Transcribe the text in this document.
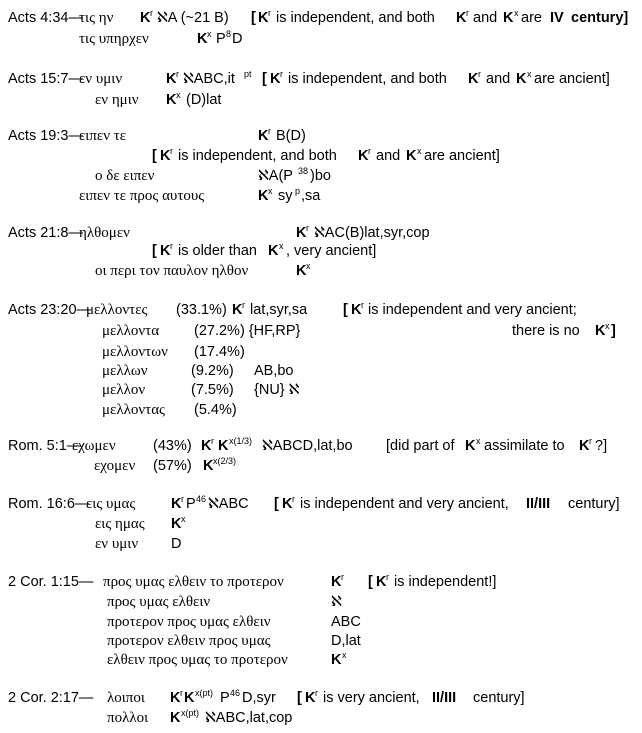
Acts 4:34—
τις ην K r ℵA (~21 B) [ K r is independent, and both K r and K x are IV century]
τις υπηρχεν	K x P 8 D
Acts 15:7—
εν υμιν	K r ℵABC,it pt [ K r is independent, and both K r and K x are ancient]
εν ημιν K x (D)lat
Acts 19:3—
ειπεν τε	K r B(D)
[ K r is independent, and both K r and K x are ancient]
ο δε ειπεν	ℵA(P 38 )bo
ειπεν τε προς αυτους	K x sy p ,sa
Acts 21:8—
ηλθομεν	K r ℵAC(B)lat,syr,cop
[ K r is older than K x , very ancient]
οι περι τον παυλον ηλθον	K x
Acts 23:20—
μελλοντες (33.1%) K r lat,syr,sa [ K r is independent and very ancient;
μελλοντα (27.2%) {HF,RP}	there is no K x ]
μελλοντων (17.4%)
μελλων	(9.2%) AB,bo
μελλον	(7.5%) {NU} ℵ
μελλοντας (5.4%)
Rom. 5:1—
εχωμεν	(43%) K r K x(1/3) ℵABCD,lat,bo [did part of K x assimilate to K r ?]
εχομεν (57%) K x(2/3)
Rom. 16:6—
εις υμας K r P 46 ℵABC [ K r is independent and very ancient, II/III century]
εις ημας K x
εν υμιν D
2 Cor. 1:15— προς υμας ελθειν το προτερον	K r [ K r is independent!]
προς υμας ελθειν	ℵ
προτερον προς υμας ελθειν	ABC
προτερον ελθειν προς υμας	D,lat
ελθειν προς υμας το προτερον	K x
2 Cor. 2:17— λοιποι K r K x(pt) P 46 D,syr [ K r is very ancient, II/III century]
πολλοι K x(pt) ℵABC,lat,cop
